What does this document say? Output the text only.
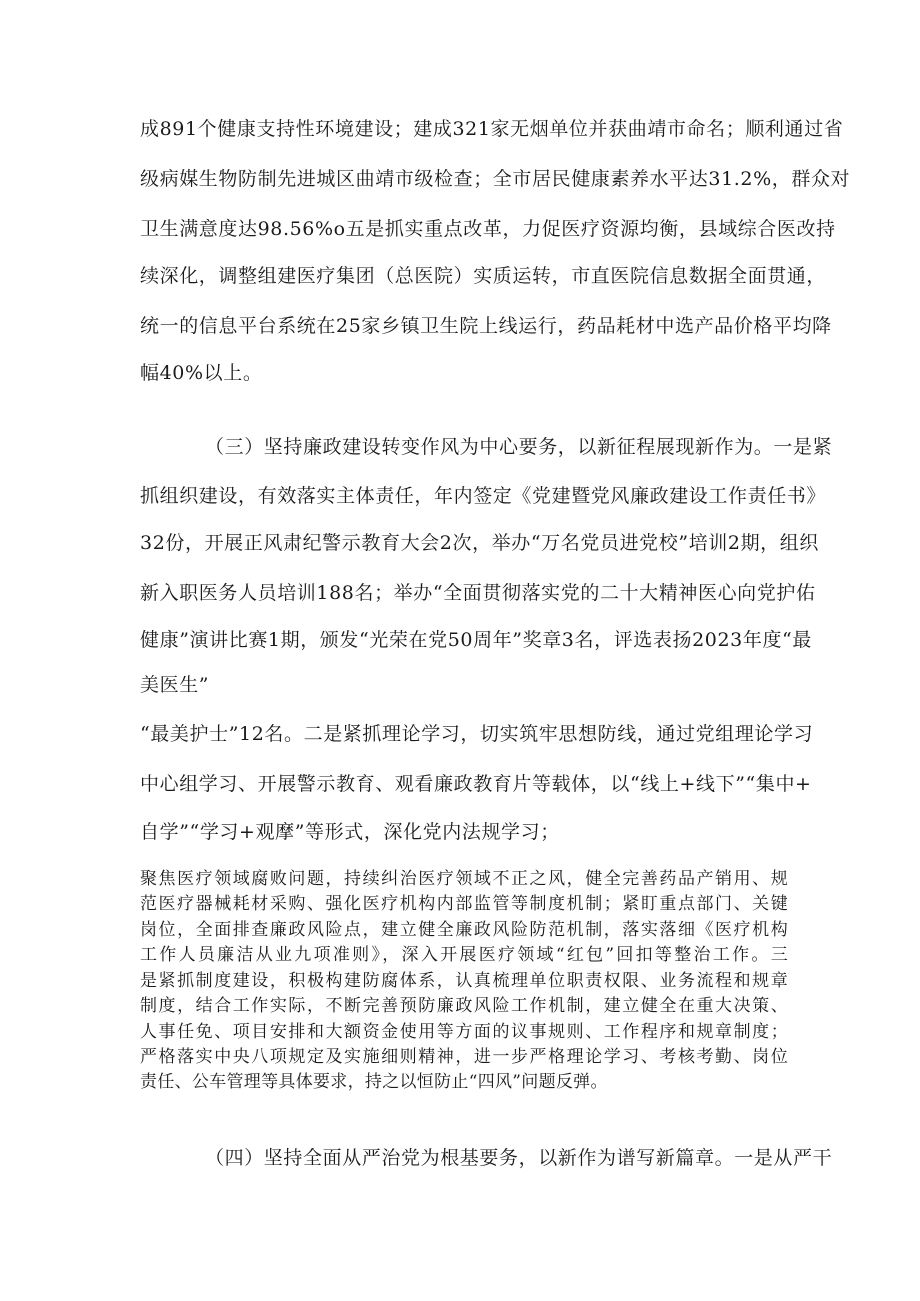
成891个健康支持性环境建设；建成321家无烟单位并获曲靖市命名；顺利通过省
级病媒生物防制先进城区曲靖市级检查；全市居民健康素养水平达31.2%，群众对
卫生满意度达98.56%o五是抓实重点改革，力促医疗资源均衡，县域综合医改持
续深化，调整组建医疗集团（总医院）实质运转，市直医院信息数据全面贯通，
统一的信息平台系统在25家乡镇卫生院上线运行，药品耗材中选产品价格平均降
幅40%以上。
（三）坚持廉政建设转变作风为中心要务，以新征程展现新作为。一是紧
抓组织建设，有效落实主体责任，年内签定《党建暨党风廉政建设工作责任书》
32份，开展正风肃纪警示教育大会2次，举办“万名党员进党校”培训2期，组织
新入职医务人员培训188名；举办“全面贯彻落实党的二十大精神医心向党护佑
健康”演讲比赛1期，颁发“光荣在党50周年”奖章3名，评选表扬2023年度“最
美医生”
“最美护士”12名。二是紧抓理论学习，切实筑牢思想防线，通过党组理论学习
中心组学习、开展警示教育、观看廉政教育片等载体，以“线上+线下”“集中+
自学”“学习+观摩”等形式，深化党内法规学习；
聚焦医疗领域腐败问题，持续纠治医疗领域不正之风，健全完善药品产销用、规
范医疗器械耗材采购、强化医疗机构内部监管等制度机制；紧盯重点部门、关键
岗位，全面排查廉政风险点，建立健全廉政风险防范机制，落实落细《医疗机构
工作人员廉洁从业九项准则》，深入开展医疗领域“红包”回扣等整治工作。三
是紧抓制度建设，积极构建防腐体系，认真梳理单位职责权限、业务流程和规章
制度，结合工作实际，不断完善预防廉政风险工作机制，建立健全在重大决策、
人事任免、项目安排和大额资金使用等方面的议事规则、工作程序和规章制度；
严格落实中央八项规定及实施细则精神，进一步严格理论学习、考核考勤、岗位
责任、公车管理等具体要求，持之以恒防止“四风”问题反弹。
（四）坚持全面从严治党为根基要务，以新作为谱写新篇章。一是从严干
